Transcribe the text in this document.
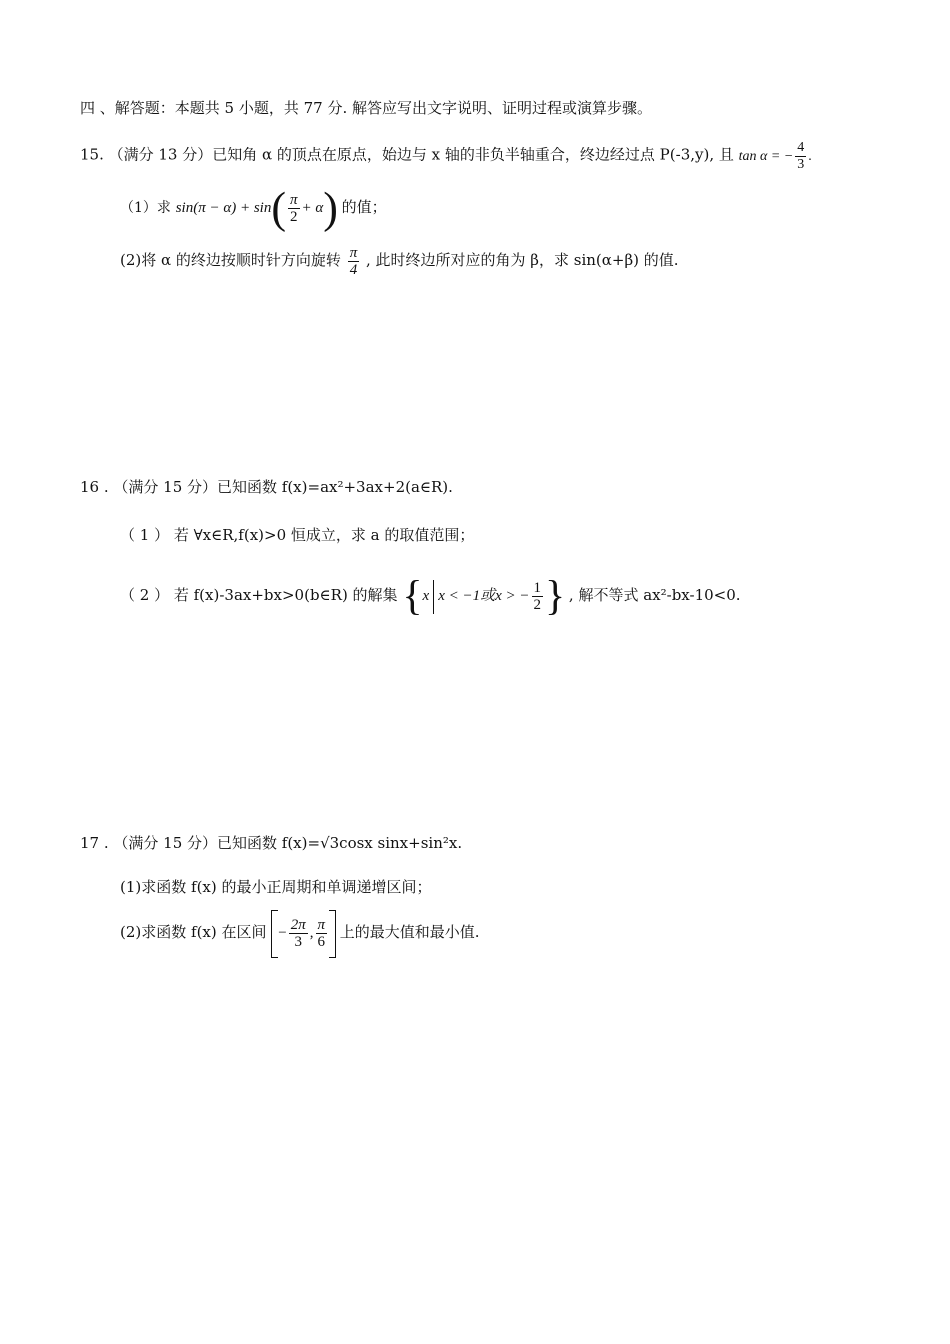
四 、解答题：本题共 5 小题，共 77 分. 解答应写出文字说明、证明过程或演算步骤。
15. （满分 13 分）已知角 α 的顶点在原点，始边与 x 轴的非负半轴重合，终边经过点 P(-3,y), 且 tan α = − $\frac{4}{3}$ .
（1）求 $\sin(\pi - \alpha) + \sin( \frac{\pi}{2} + \alpha)$ 的值；
(2)将 α 的终边按顺时针方向旋转 $\frac{\pi}{4}$ , 此时终边所对应的角为 β，求 sin(α+β) 的值.
16 . （满分 15 分）已知函数 f(x)=ax²+3ax+2(a∈R).
（ 1 ） 若 ∀x∈R,f(x)>0 恒成立，求 a 的取值范围；
（ 2 ） 若 f(x)-3ax+bx>0(b∈R) 的解集 {x x < −1或x > − $\frac{1}{2}$ } , 解不等式 ax²-bx-10<0.
17 . （满分 15 分）已知函数 f(x)=√3cosx sinx+sin²x.
(1)求函数 f(x) 的最小正周期和单调递增区间；
(2)求函数 f(x) 在区间 − $\frac{2\pi}{3}$ , $\frac{\pi}{6}$ 上的最大值和最小值.
